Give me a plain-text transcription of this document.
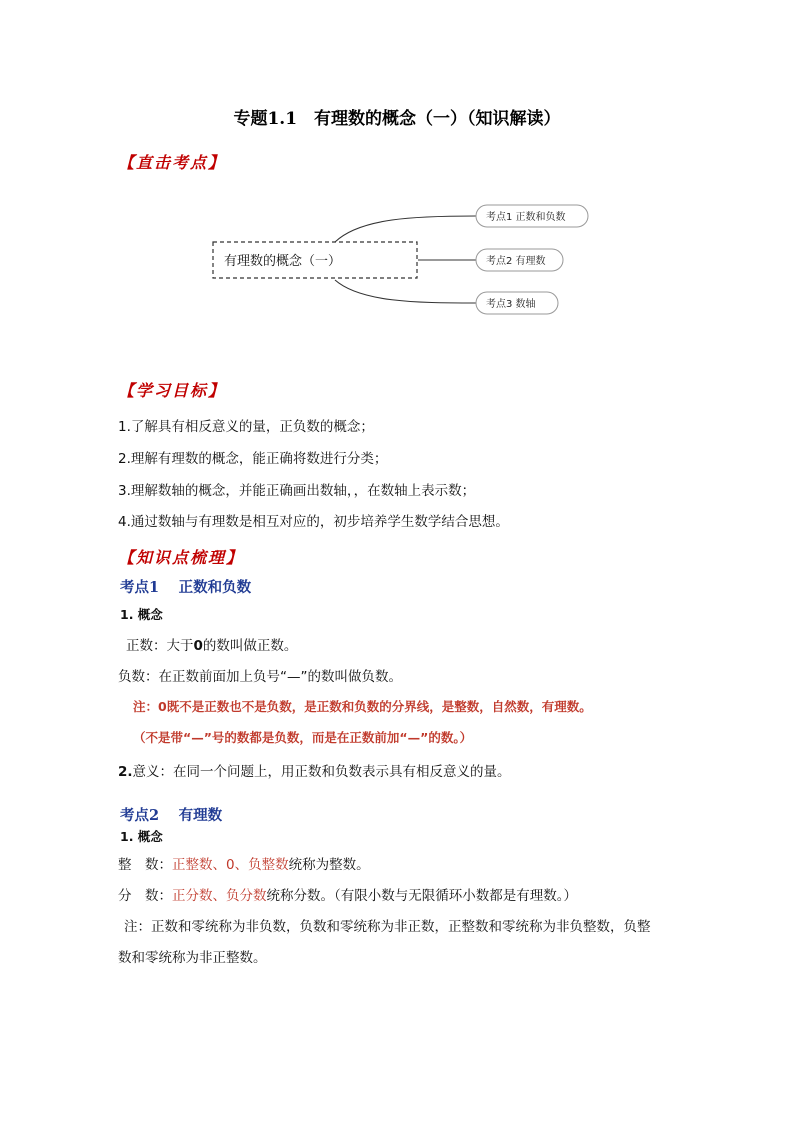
专题1.1　有理数的概念（一）（知识解读）
【直击考点】
有理数的概念（一）
考点1 正数和负数
考点2 有理数
考点3 数轴
【学习目标】
1.了解具有相反意义的量，正负数的概念；
2.理解有理数的概念，能正确将数进行分类；
3.理解数轴的概念，并能正确画出数轴，，在数轴上表示数；
4.通过数轴与有理数是相互对应的，初步培养学生数学结合思想。
【知识点梳理】
考点1　 正数和负数
1. 概念
正数：大于0的数叫做正数。
负数：在正数前面加上负号“—”的数叫做负数。
注：0既不是正数也不是负数，是正数和负数的分界线，是整数，自然数，有理数。
（不是带“—”号的数都是负数，而是在正数前加“—”的数。）
2.意义：在同一个问题上，用正数和负数表示具有相反意义的量。
考点2　 有理数
1. 概念
整　数：正整数、0、负整数统称为整数。
分　数：正分数、负分数统称分数。（有限小数与无限循环小数都是有理数。）
注：正数和零统称为非负数，负数和零统称为非正数，正整数和零统称为非负整数，负整
数和零统称为非正整数。
